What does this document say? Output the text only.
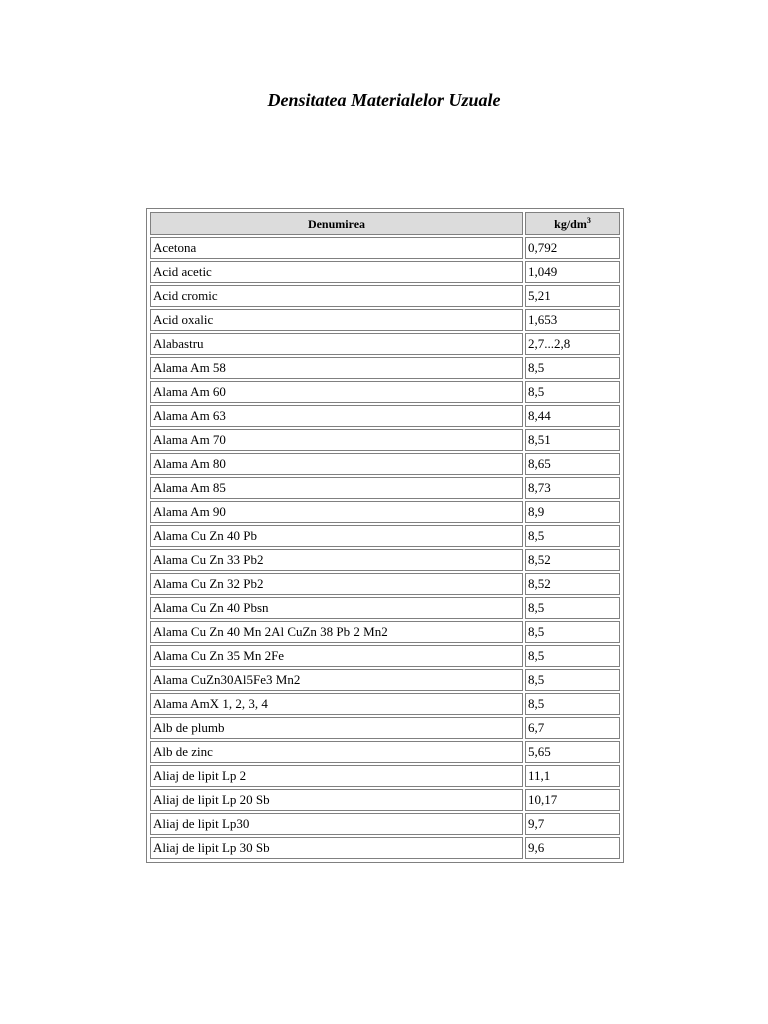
Densitatea Materialelor Uzuale
Denumirea	$kg/dm^3$
Acetona	0,792
Acid acetic	1,049
Acid cromic	5,21
Acid oxalic	1,653
Alabastru	2,7...2,8
Alama Am 58	8,5
Alama Am 60	8,5
Alama Am 63	8,44
Alama Am 70	8,51
Alama Am 80	8,65
Alama Am 85	8,73
Alama Am 90	8,9
Alama Cu Zn 40 Pb	8,5
Alama Cu Zn 33 Pb2	8,52
Alama Cu Zn 32 Pb2	8,52
Alama Cu Zn 40 Pbsn	8,5
Alama Cu Zn 40 Mn 2Al CuZn 38 Pb 2 Mn2	8,5
Alama Cu Zn 35 Mn 2Fe	8,5
Alama CuZn30Al5Fe3 Mn2	8,5
Alama AmX 1, 2, 3, 4	8,5
Alb de plumb	6,7
Alb de zinc	5,65
Aliaj de lipit Lp 2	11,1
Aliaj de lipit Lp 20 Sb	10,17
Aliaj de lipit Lp30	9,7
Aliaj de lipit Lp 30 Sb	9,6
